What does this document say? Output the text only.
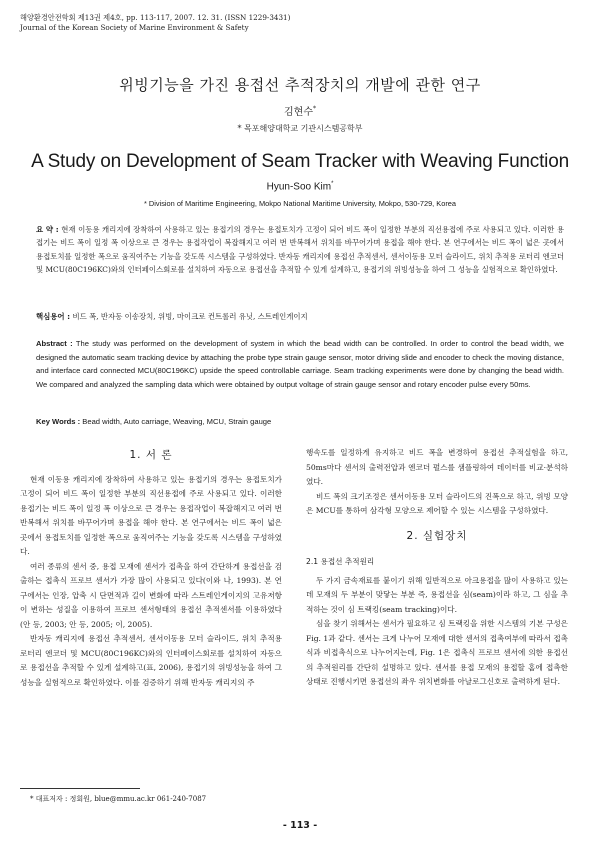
해양환경안전학회 제13권 제4호, pp. 113-117, 2007. 12. 31. (ISSN 1229-3431)
Journal of the Korean Society of Marine Environment & Safety
위빙기능을 가진 용접선 추적장치의 개발에 관한 연구
김현수*
* 목포해양대학교 기관시스템공학부
A Study on Development of Seam Tracker with Weaving Function
Hyun-Soo Kim*
* Division of Maritime Engineering, Mokpo National Maritime University, Mokpo, 530-729, Korea
요 약 : 현재 이동용 캐리지에 장착하여 사용하고 있는 용접기의 경우는 용접토치가 고정이 되어 비드 폭이 일정한 부분의 직선용접에 주로 사용되고 있다. 이러한 용접기는 비드 폭이 일정 폭 이상으로 큰 경우는 용접작업이 복잡해지고 여러 번 반복해서 위치를 바꾸어가며 용접을 해야 한다. 본 연구에서는 비드 폭이 넓은 곳에서 용접토치를 일정한 폭으로 움직여주는 기능을 갖도록 시스템을 구성하였다. 반자동 캐리지에 용접선 추적센서, 센서이동용 모터 슬라이드, 위치 추적용 로터리 엔코더 및 MCU(80C196KC)와의 인터페이스회로를 설치하여 자동으로 용접선을 추적할 수 있게 설계하고, 용접기의 위빙성능을 하여 그 성능을 실험적으로 확인하였다.
핵심용어 : 비드 폭, 반자동 이송장치, 위빙, 마이크로 컨트롤러 유닛, 스트레인게이지
Abstract : The study was performed on the development of system in which the bead width can be controlled. In order to control the bead width, we designed the automatic seam tracking device by attaching the probe type strain gauge sensor, motor driving slide and encoder to check the moving distance, and interface card connected MCU(80C196KC) upside the speed controllable carriage. Seam tracking experiments were done by changing the bead width. We compared and analyzed the sampling data which were obtained by output voltage of strain gauge sensor and rotary encoder pulse every 50ms.
Key Words : Bead width, Auto carriage, Weaving, MCU, Strain gauge
1. 서 론

현재 이동용 캐리지에 장착하여 사용하고 있는 용접기의 경우는 용접토치가 고정이 되어 비드 폭이 일정한 부분의 직선용접에 주로 사용되고 있다. 이러한 용접기는 비드 폭이 일정 폭 이상으로 큰 경우는 용접작업이 복잡해지고 여러 번 반복해서 위치를 바꾸어가며 용접을 해야 한다. 본 연구에서는 비드 폭이 넓은 곳에서 용접토치를 일정한 폭으로 움직여주는 기능을 갖도록 시스템을 구성하였다.

여러 종류의 센서 중, 용접 모재에 센서가 접촉을 하여 간단하게 용접선을 검출하는 접촉식 프로브 센서가 가장 많이 사용되고 있다(이와 나, 1993). 본 연구에서는 인장, 압축 시 단면적과 길이 변화에 따라 스트레인게이지의 고유저항이 변하는 성질을 이용하여 프로브 센서형태의 용접선 추적센서를 이용하였다(안 등, 2003; 안 등, 2005; 이, 2005).

반자동 캐리지에 용접선 추적센서, 센서이동용 모터 슬라이드, 위치 추적용 로터리 엔코더 및 MCU(80C196KC)와의 인터페이스회로를 설치하여 자동으로 용접선을 추적할 수 있게 설계하고(표, 2006), 용접기의 위빙성능을 하여 그 성능을 실험적으로 확인하였다. 이를 검증하기 위해 반자동 캐리지의 주

행속도를 일정하게 유지하고 비드 폭을 변경하여 용접선 추적실험을 하고, 50ms마다 센서의 출력전압과 엔코더 펄스를 샘플링하여 데이터를 비교·분석하였다.

비드 폭의 크기조정은 센서이동용 모터 슬라이드의 진폭으로 하고, 위빙 모양은 MCU를 통하여 삼각형 모양으로 제어할 수 있는 시스템을 구성하였다.

2. 실험장치
2.1 용접선 추적원리

두 가지 금속재료를 붙이기 위해 일반적으로 아크용접을 많이 사용하고 있는데 모재의 두 부분이 맞닿는 부분 즉, 용접선을 심(seam)이라 하고, 그 심을 추적하는 것이 심 트랙킹(seam tracking)이다.

심을 찾기 위해서는 센서가 필요하고 심 트랙킹을 위한 시스템의 기본 구성은 Fig. 1과 같다. 센서는 크게 나누어 모재에 대한 센서의 접촉여부에 따라서 접촉식과 비접촉식으로 나누어지는데, Fig. 1은 접촉식 프로브 센서에 의한 용접선의 추적원리를 간단히 설명하고 있다. 센서를 용접 모재의 용접할 홈에 접촉한 상태로 진행시키면 용접선의 좌우 위치변화를 아날로그신호로 출력하게 된다.

* 대표저자 : 정회원, blue@mmu.ac.kr 061-240-7087
- 113 -
